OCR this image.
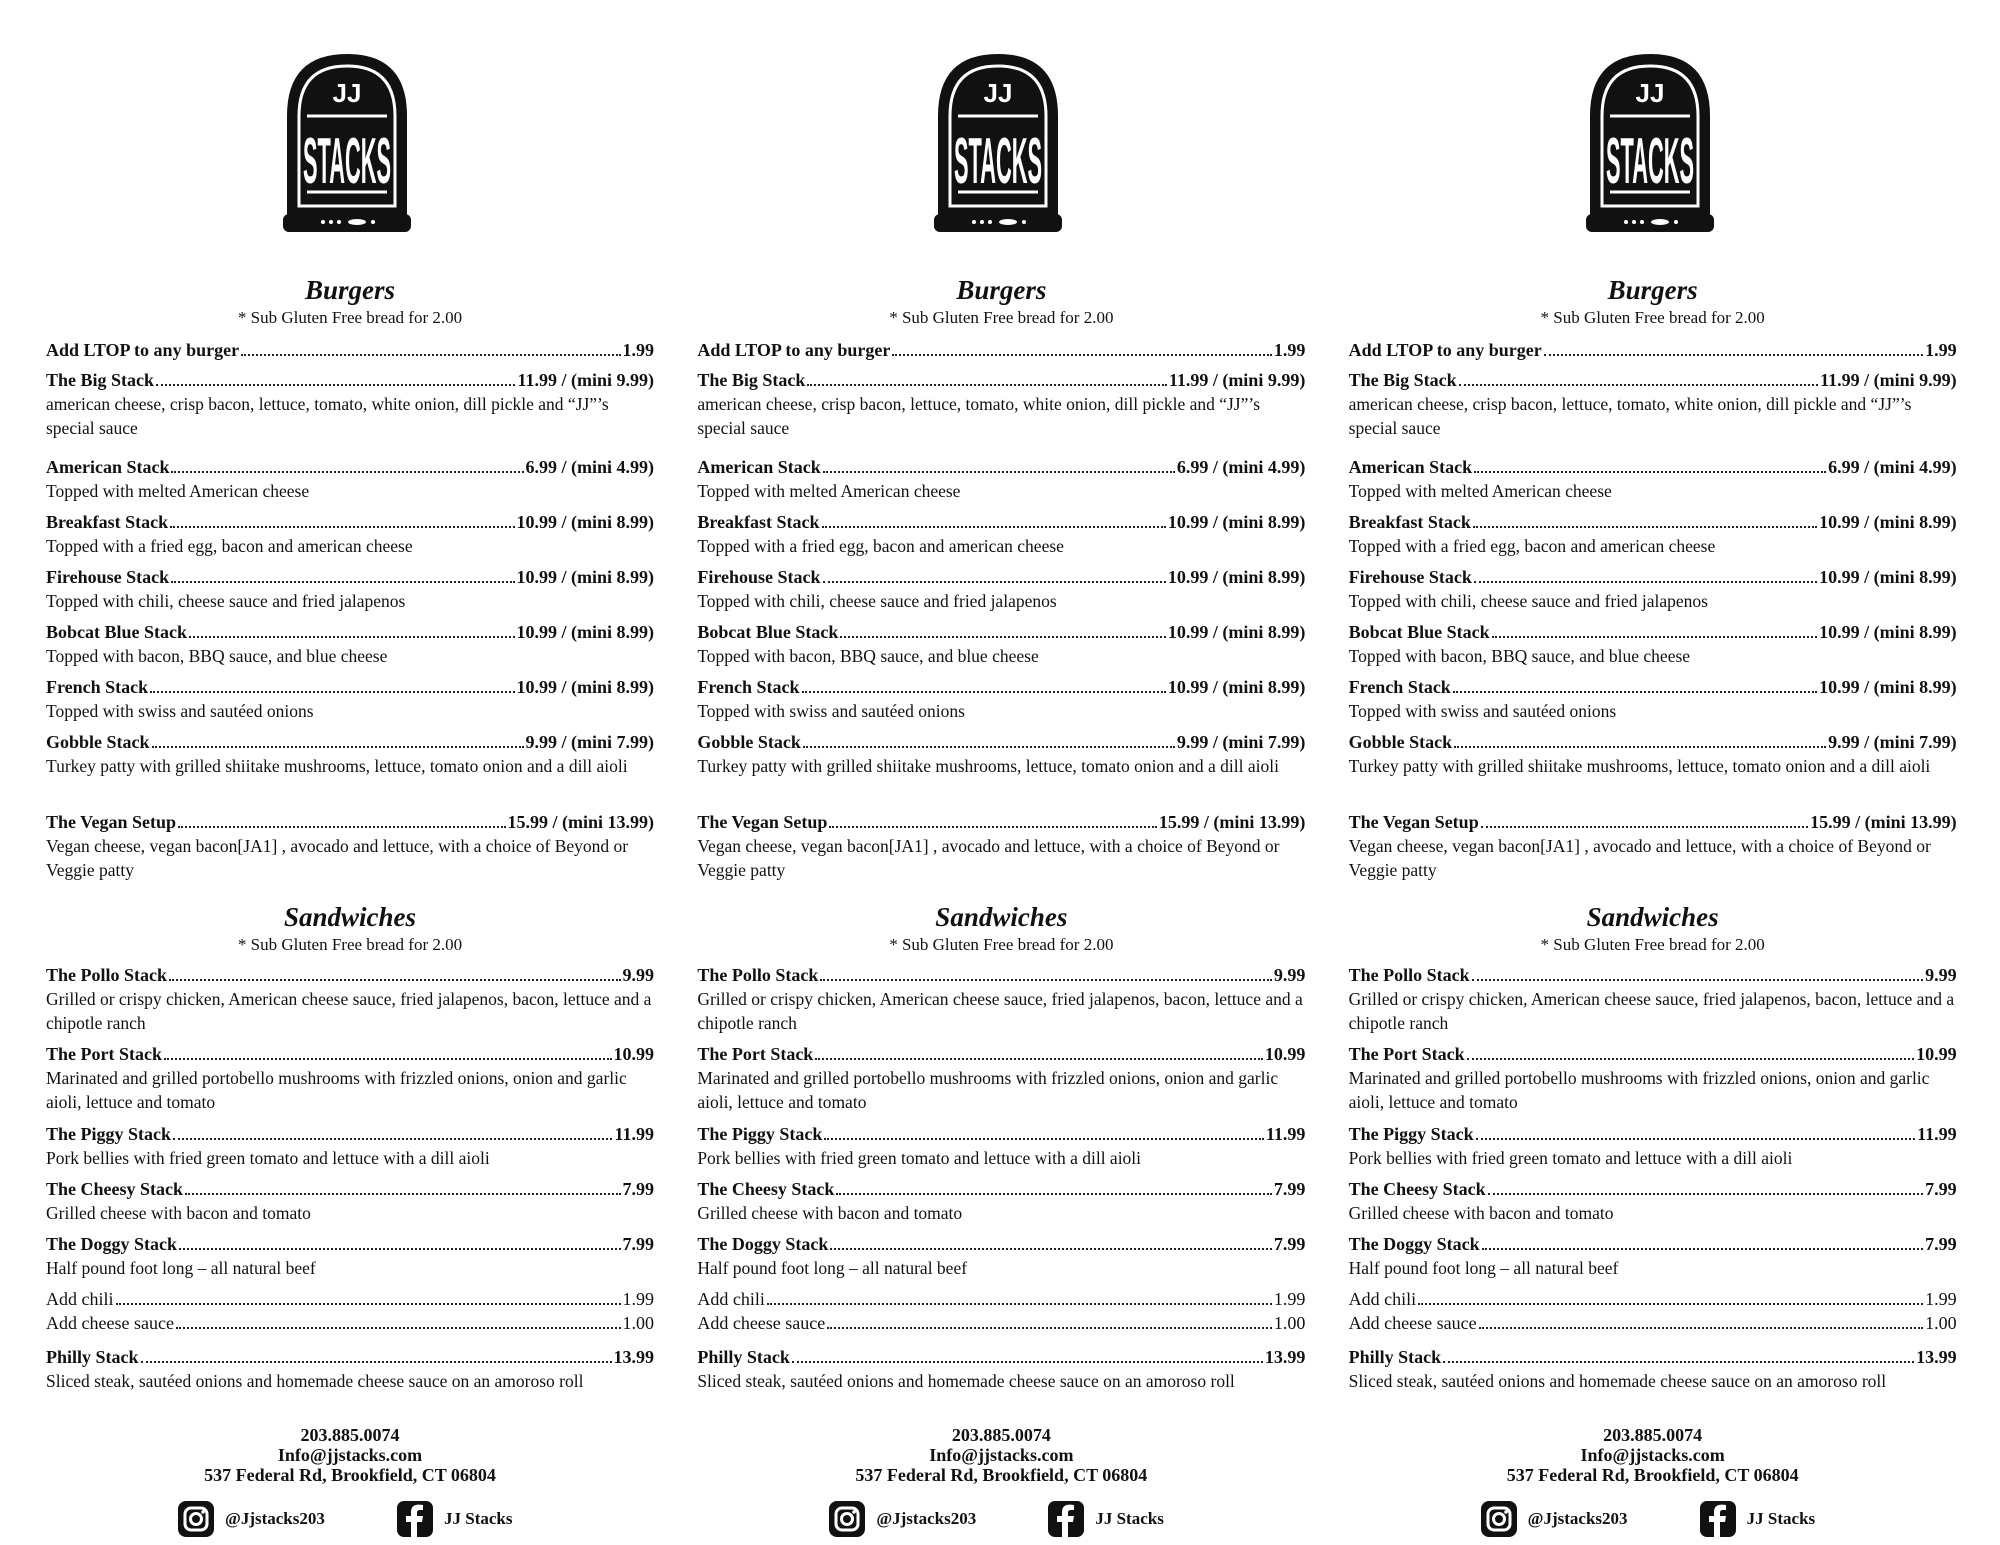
JJ
STACKS
Burgers
* Sub Gluten Free bread for 2.00
Add LTOP to any burger	1.99
The Big Stack	11.99 / (mini 9.99)
american cheese, crisp bacon, lettuce, tomato, white onion, dill pickle and “JJ”’s special sauce
American Stack	6.99 / (mini 4.99)
Topped with melted American cheese
Breakfast Stack	10.99 / (mini 8.99)
Topped with a fried egg, bacon and american cheese
Firehouse Stack	10.99 / (mini 8.99)
Topped with chili, cheese sauce and fried jalapenos
Bobcat Blue Stack	10.99 / (mini 8.99)
Topped with bacon, BBQ sauce, and blue cheese
French Stack	10.99 / (mini 8.99)
Topped with swiss and sautéed onions
Gobble Stack	9.99 / (mini 7.99)
Turkey patty with grilled shiitake mushrooms, lettuce, tomato onion and a dill aioli
The Vegan Setup	15.99 / (mini 13.99)
Vegan cheese, vegan bacon[JA1] , avocado and lettuce, with a choice of Beyond or Veggie patty
Sandwiches
* Sub Gluten Free bread for 2.00
The Pollo Stack	9.99
Grilled or crispy chicken, American cheese sauce, fried jalapenos, bacon, lettuce and a chipotle ranch
The Port Stack	10.99
Marinated and grilled portobello mushrooms with frizzled onions, onion and garlic aioli, lettuce and tomato
The Piggy Stack	11.99
Pork bellies with fried green tomato and lettuce with a dill aioli
The Cheesy Stack	7.99
Grilled cheese with bacon and tomato
The Doggy Stack	7.99
Half pound foot long – all natural beef
Add chili	1.99
Add cheese sauce	1.00
Philly Stack	13.99
Sliced steak, sautéed onions and homemade cheese sauce on an amoroso roll
203.885.0074
Info@jjstacks.com
537 Federal Rd, Brookfield, CT 06804
@Jjstacks203	JJ Stacks
JJ
STACKS
Burgers
* Sub Gluten Free bread for 2.00
Add LTOP to any burger	1.99
The Big Stack	11.99 / (mini 9.99)
american cheese, crisp bacon, lettuce, tomato, white onion, dill pickle and “JJ”’s special sauce
American Stack	6.99 / (mini 4.99)
Topped with melted American cheese
Breakfast Stack	10.99 / (mini 8.99)
Topped with a fried egg, bacon and american cheese
Firehouse Stack	10.99 / (mini 8.99)
Topped with chili, cheese sauce and fried jalapenos
Bobcat Blue Stack	10.99 / (mini 8.99)
Topped with bacon, BBQ sauce, and blue cheese
French Stack	10.99 / (mini 8.99)
Topped with swiss and sautéed onions
Gobble Stack	9.99 / (mini 7.99)
Turkey patty with grilled shiitake mushrooms, lettuce, tomato onion and a dill aioli
The Vegan Setup	15.99 / (mini 13.99)
Vegan cheese, vegan bacon[JA1] , avocado and lettuce, with a choice of Beyond or Veggie patty
Sandwiches
* Sub Gluten Free bread for 2.00
The Pollo Stack	9.99
Grilled or crispy chicken, American cheese sauce, fried jalapenos, bacon, lettuce and a chipotle ranch
The Port Stack	10.99
Marinated and grilled portobello mushrooms with frizzled onions, onion and garlic aioli, lettuce and tomato
The Piggy Stack	11.99
Pork bellies with fried green tomato and lettuce with a dill aioli
The Cheesy Stack	7.99
Grilled cheese with bacon and tomato
The Doggy Stack	7.99
Half pound foot long – all natural beef
Add chili	1.99
Add cheese sauce	1.00
Philly Stack	13.99
Sliced steak, sautéed onions and homemade cheese sauce on an amoroso roll
203.885.0074
Info@jjstacks.com
537 Federal Rd, Brookfield, CT 06804
@Jjstacks203	JJ Stacks
JJ
STACKS
Burgers
* Sub Gluten Free bread for 2.00
Add LTOP to any burger	1.99
The Big Stack	11.99 / (mini 9.99)
american cheese, crisp bacon, lettuce, tomato, white onion, dill pickle and “JJ”’s special sauce
American Stack	6.99 / (mini 4.99)
Topped with melted American cheese
Breakfast Stack	10.99 / (mini 8.99)
Topped with a fried egg, bacon and american cheese
Firehouse Stack	10.99 / (mini 8.99)
Topped with chili, cheese sauce and fried jalapenos
Bobcat Blue Stack	10.99 / (mini 8.99)
Topped with bacon, BBQ sauce, and blue cheese
French Stack	10.99 / (mini 8.99)
Topped with swiss and sautéed onions
Gobble Stack	9.99 / (mini 7.99)
Turkey patty with grilled shiitake mushrooms, lettuce, tomato onion and a dill aioli
The Vegan Setup	15.99 / (mini 13.99)
Vegan cheese, vegan bacon[JA1] , avocado and lettuce, with a choice of Beyond or Veggie patty
Sandwiches
* Sub Gluten Free bread for 2.00
The Pollo Stack	9.99
Grilled or crispy chicken, American cheese sauce, fried jalapenos, bacon, lettuce and a chipotle ranch
The Port Stack	10.99
Marinated and grilled portobello mushrooms with frizzled onions, onion and garlic aioli, lettuce and tomato
The Piggy Stack	11.99
Pork bellies with fried green tomato and lettuce with a dill aioli
The Cheesy Stack	7.99
Grilled cheese with bacon and tomato
The Doggy Stack	7.99
Half pound foot long – all natural beef
Add chili	1.99
Add cheese sauce	1.00
Philly Stack	13.99
Sliced steak, sautéed onions and homemade cheese sauce on an amoroso roll
203.885.0074
Info@jjstacks.com
537 Federal Rd, Brookfield, CT 06804
@Jjstacks203	JJ Stacks
